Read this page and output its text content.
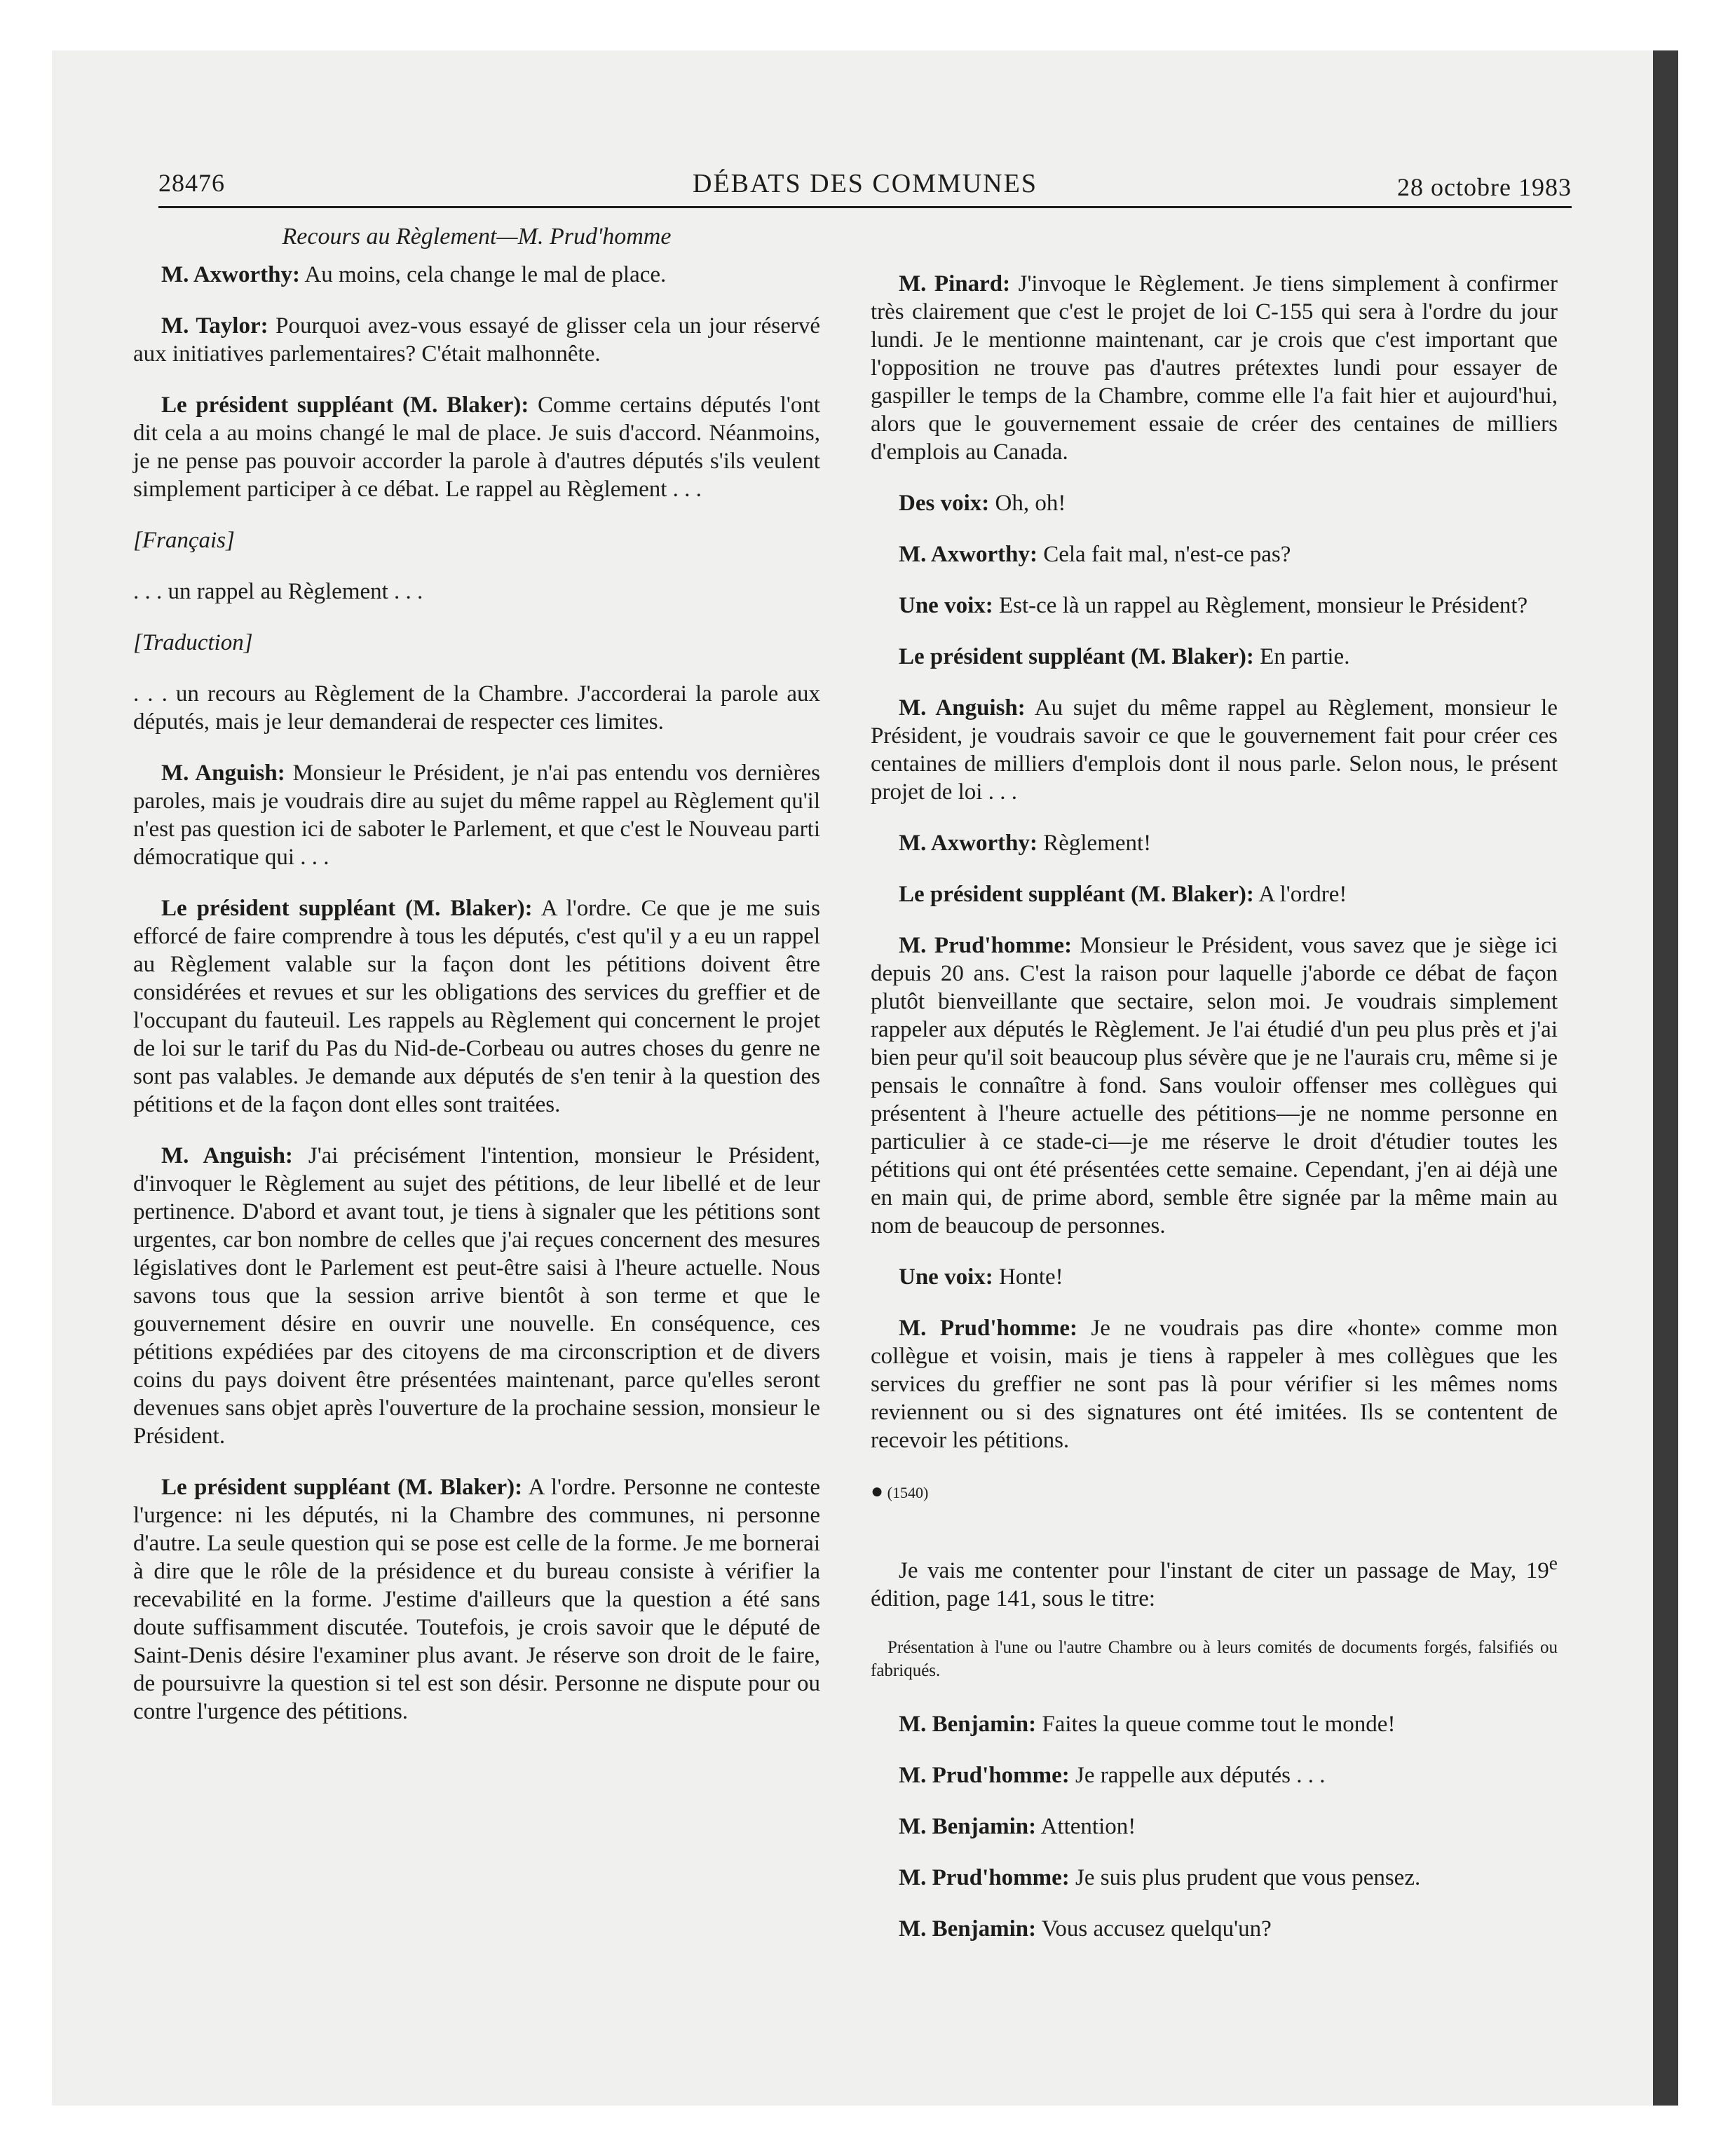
28476	DÉBATS DES COMMUNES	28 octobre 1983
Recours au Règlement—M. Prud'homme

M. Axworthy: Au moins, cela change le mal de place.

M. Taylor: Pourquoi avez-vous essayé de glisser cela un jour réservé aux initiatives parlementaires? C'était malhonnête.

Le président suppléant (M. Blaker): Comme certains députés l'ont dit cela a au moins changé le mal de place. Je suis d'accord. Néanmoins, je ne pense pas pouvoir accorder la parole à d'autres députés s'ils veulent simplement participer à ce débat. Le rappel au Règlement . . .

[Français]

. . . un rappel au Règlement . . .

[Traduction]

. . . un recours au Règlement de la Chambre. J'accorderai la parole aux députés, mais je leur demanderai de respecter ces limites.

M. Anguish: Monsieur le Président, je n'ai pas entendu vos dernières paroles, mais je voudrais dire au sujet du même rappel au Règlement qu'il n'est pas question ici de saboter le Parlement, et que c'est le Nouveau parti démocratique qui . . .

Le président suppléant (M. Blaker): A l'ordre. Ce que je me suis efforcé de faire comprendre à tous les députés, c'est qu'il y a eu un rappel au Règlement valable sur la façon dont les pétitions doivent être considérées et revues et sur les obligations des services du greffier et de l'occupant du fauteuil. Les rappels au Règlement qui concernent le projet de loi sur le tarif du Pas du Nid-de-Corbeau ou autres choses du genre ne sont pas valables. Je demande aux députés de s'en tenir à la question des pétitions et de la façon dont elles sont traitées.

M. Anguish: J'ai précisément l'intention, monsieur le Président, d'invoquer le Règlement au sujet des pétitions, de leur libellé et de leur pertinence. D'abord et avant tout, je tiens à signaler que les pétitions sont urgentes, car bon nombre de celles que j'ai reçues concernent des mesures législatives dont le Parlement est peut-être saisi à l'heure actuelle. Nous savons tous que la session arrive bientôt à son terme et que le gouvernement désire en ouvrir une nouvelle. En conséquence, ces pétitions expédiées par des citoyens de ma circonscription et de divers coins du pays doivent être présentées maintenant, parce qu'elles seront devenues sans objet après l'ouverture de la prochaine session, monsieur le Président.

Le président suppléant (M. Blaker): A l'ordre. Personne ne conteste l'urgence: ni les députés, ni la Chambre des communes, ni personne d'autre. La seule question qui se pose est celle de la forme. Je me bornerai à dire que le rôle de la présidence et du bureau consiste à vérifier la recevabilité en la forme. J'estime d'ailleurs que la question a été sans doute suffisamment discutée. Toutefois, je crois savoir que le député de Saint-Denis désire l'examiner plus avant. Je réserve son droit de le faire, de poursuivre la question si tel est son désir. Personne ne dispute pour ou contre l'urgence des pétitions.

M. Pinard: J'invoque le Règlement. Je tiens simplement à confirmer très clairement que c'est le projet de loi C-155 qui sera à l'ordre du jour lundi. Je le mentionne maintenant, car je crois que c'est important que l'opposition ne trouve pas d'autres prétextes lundi pour essayer de gaspiller le temps de la Chambre, comme elle l'a fait hier et aujourd'hui, alors que le gouvernement essaie de créer des centaines de milliers d'emplois au Canada.

Des voix: Oh, oh!

M. Axworthy: Cela fait mal, n'est-ce pas?

Une voix: Est-ce là un rappel au Règlement, monsieur le Président?

Le président suppléant (M. Blaker): En partie.

M. Anguish: Au sujet du même rappel au Règlement, monsieur le Président, je voudrais savoir ce que le gouvernement fait pour créer ces centaines de milliers d'emplois dont il nous parle. Selon nous, le présent projet de loi . . .

M. Axworthy: Règlement!

Le président suppléant (M. Blaker): A l'ordre!

M. Prud'homme: Monsieur le Président, vous savez que je siège ici depuis 20 ans. C'est la raison pour laquelle j'aborde ce débat de façon plutôt bienveillante que sectaire, selon moi. Je voudrais simplement rappeler aux députés le Règlement. Je l'ai étudié d'un peu plus près et j'ai bien peur qu'il soit beaucoup plus sévère que je ne l'aurais cru, même si je pensais le connaître à fond. Sans vouloir offenser mes collègues qui présentent à l'heure actuelle des pétitions—je ne nomme personne en particulier à ce stade-ci—je me réserve le droit d'étudier toutes les pétitions qui ont été présentées cette semaine. Cependant, j'en ai déjà une en main qui, de prime abord, semble être signée par la même main au nom de beaucoup de personnes.

Une voix: Honte!

M. Prud'homme: Je ne voudrais pas dire «honte» comme mon collègue et voisin, mais je tiens à rappeler à mes collègues que les services du greffier ne sont pas là pour vérifier si les mêmes noms reviennent ou si des signatures ont été imitées. Ils se contentent de recevoir les pétitions.

● (1540)

Je vais me contenter pour l'instant de citer un passage de May, 19e édition, page 141, sous le titre:

Présentation à l'une ou l'autre Chambre ou à leurs comités de documents forgés, falsifiés ou fabriqués.

M. Benjamin: Faites la queue comme tout le monde!

M. Prud'homme: Je rappelle aux députés . . .

M. Benjamin: Attention!

M. Prud'homme: Je suis plus prudent que vous pensez.

M. Benjamin: Vous accusez quelqu'un?
